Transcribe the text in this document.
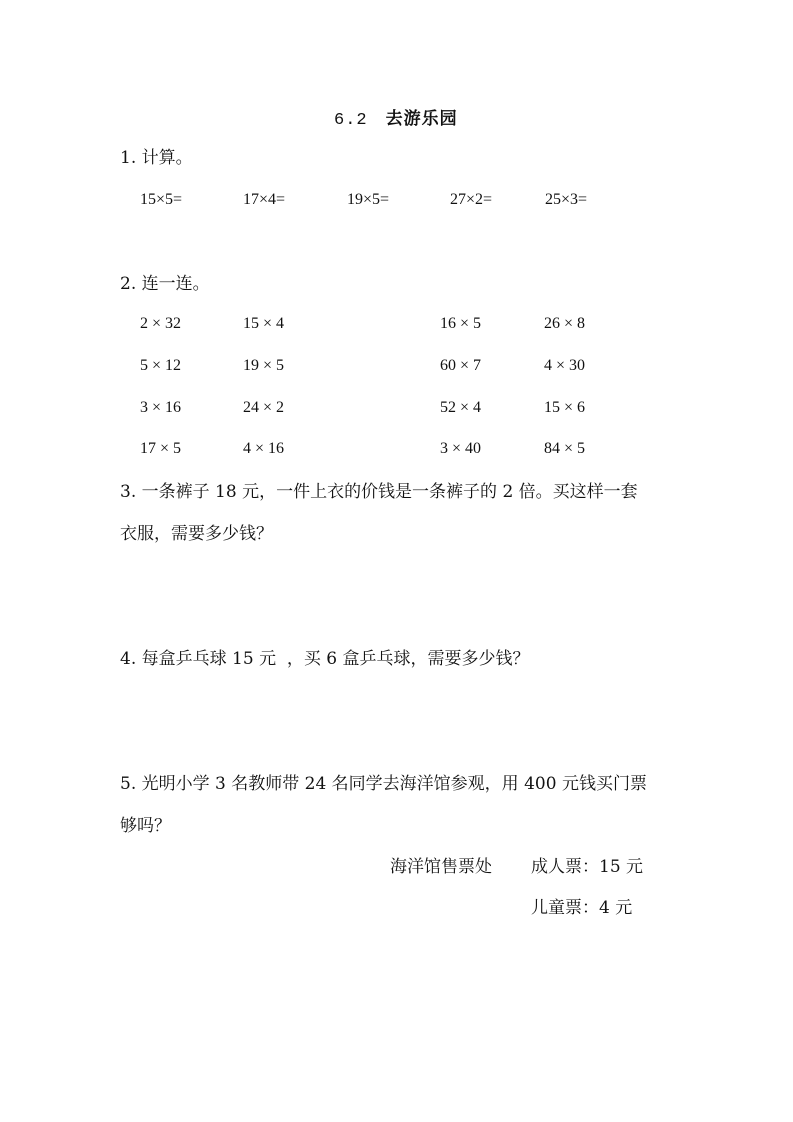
6.2 去游乐园
1. 计算。
15×5=	17×4=	19×5=	27×2=	25×3=
2. 连一连。
2 × 32	15 × 4	16 × 5	26 × 8
5 × 12	19 × 5	60 × 7	4 × 30
3 × 16	24 × 2	52 × 4	15 × 6
17 × 5	4 × 16	3 × 40	84 × 5
3. 一条裤子 18 元，一件上衣的价钱是一条裤子的 2 倍。买这样一套
衣服，需要多少钱？
4. 每盒乒乓球 15 元  ，买 6 盒乒乓球，需要多少钱？
5. 光明小学 3 名教师带 24 名同学去海洋馆参观，用 400 元钱买门票
够吗？
海洋馆售票处 成人票：15 元
儿童票：4 元
